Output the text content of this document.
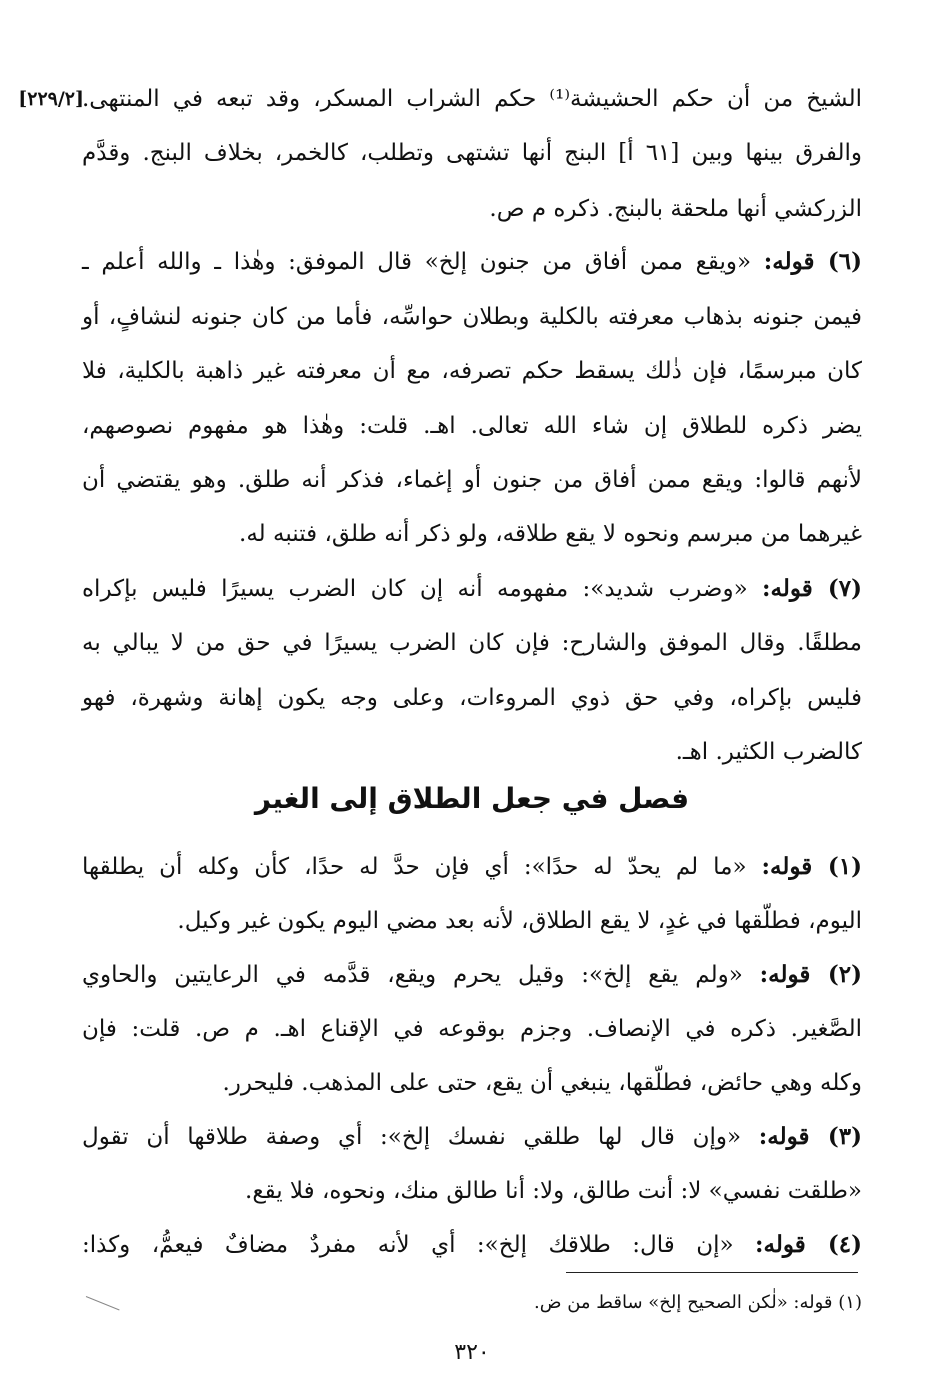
[٢٢٩/٢]
الشيخ من أن حكم الحشيشة⁽¹⁾ حكم الشراب المسكر، وقد تبعه في المنتهى.
والفرق بينها وبين [٦١ أ] البنج أنها تشتهى وتطلب، كالخمر، بخلاف البنج. وقدَّم
الزركشي أنها ملحقة بالبنج. ذكره م ص.
(٦) قوله: «ويقع ممن أفاق من جنون إلخ» قال الموفق: وهٰذا ـ والله أعلم ـ
فيمن جنونه بذهاب معرفته بالكلية وبطلان حواسِّه، فأما من كان جنونه لنشافٍ، أو
كان مبرسمًا، فإن ذٰلك يسقط حكم تصرفه، مع أن معرفته غير ذاهبة بالكلية، فلا
يضر ذكره للطلاق إن شاء الله تعالى. اهـ. قلت: وهٰذا هو مفهوم نصوصهم،
لأنهم قالوا: ويقع ممن أفاق من جنون أو إغماء، فذكر أنه طلق. وهو يقتضي أن
غيرهما من مبرسم ونحوه لا يقع طلاقه، ولو ذكر أنه طلق، فتنبه له.
(٧) قوله: «وضرب شديد»: مفهومه أنه إن كان الضرب يسيرًا فليس بإكراه
مطلقًا. وقال الموفق والشارح: فإن كان الضرب يسيرًا في حق من لا يبالي به
فليس بإكراه، وفي حق ذوي المروءات، وعلى وجه يكون إهانة وشهرة، فهو
كالضرب الكثير. اهـ.
فصل في جعل الطلاق إلى الغير
(١) قوله: «ما لم يحدّ له حدًا»: أي فإن حدَّ له حدًا، كأن وكله أن يطلقها
اليوم، فطلّقها في غدٍ، لا يقع الطلاق، لأنه بعد مضي اليوم يكون غير وكيل.
(٢) قوله: «ولم يقع إلخ»: وقيل يحرم ويقع، قدَّمه في الرعايتين والحاوي
الصَّغير. ذكره في الإنصاف. وجزم بوقوعه في الإقناع اهـ. م ص. قلت: فإن
وكله وهي حائض، فطلّقها، ينبغي أن يقع، حتى على المذهب. فليحرر.
(٣) قوله: «وإن قال لها طلقي نفسك إلخ»: أي وصفة طلاقها أن تقول
«طلقت نفسي» لا: أنت طالق، ولا: أنا طالق منك، ونحوه، فلا يقع.
(٤) قوله: «إن قال: طلاقك إلخ»: أي لأنه مفردٌ مضافٌ فيعمُّ، وكذا:
(١) قوله: «لٰكن الصحيح إلخ» ساقط من ض.
٣٢٠
